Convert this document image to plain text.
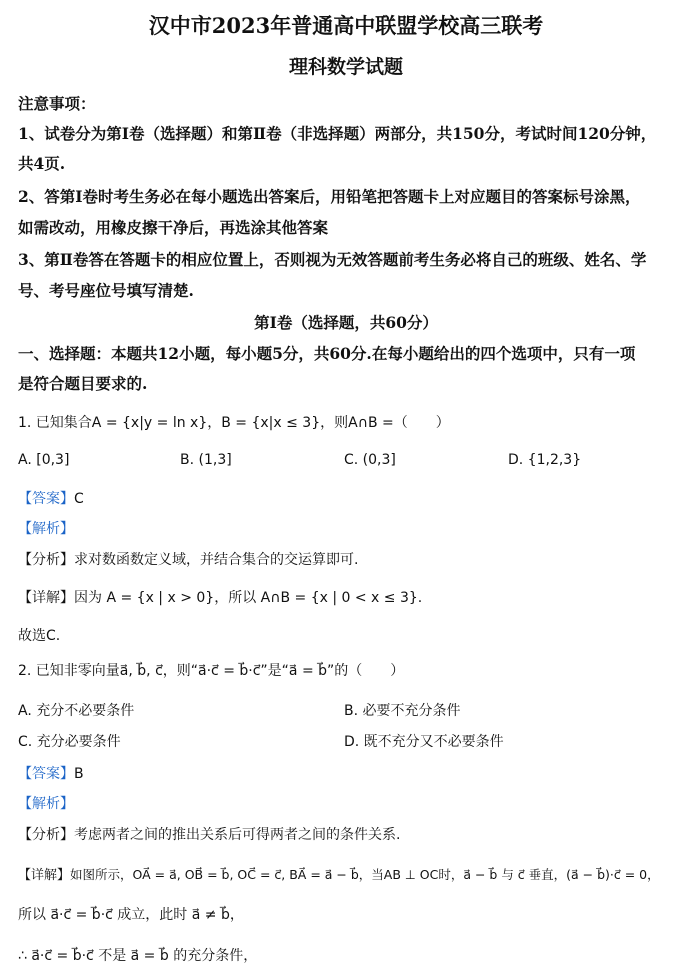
汉中市2023年普通高中联盟学校高三联考
理科数学试题
注意事项：
1、试卷分为第Ⅰ卷（选择题）和第Ⅱ卷（非选择题）两部分，共150分，考试时间120分钟，
共4页.
2、答第Ⅰ卷时考生务必在每小题选出答案后，用铅笔把答题卡上对应题目的答案标号涂黑，
如需改动，用橡皮擦干净后，再选涂其他答案
3、第Ⅱ卷答在答题卡的相应位置上，否则视为无效答题前考生务必将自己的班级、姓名、学
号、考号座位号填写清楚.
第Ⅰ卷（选择题，共60分）
一、选择题：本题共12小题，每小题5分，共60分.在每小题给出的四个选项中，只有一项
是符合题目要求的.
1. 已知集合A = {x|y = ln x}，B = {x|x ≤ 3}，则A∩B =（　　）
A. [0,3]	B. (1,3]	C. (0,3]	D. {1,2,3}
【答案】C
【解析】
【分析】求对数函数定义域，并结合集合的交运算即可.
【详解】因为 A = {x | x > 0}，所以 A∩B = {x | 0 < x ≤ 3}.
故选C.
2. 已知非零向量a⃗, b⃗, c⃗，则“a⃗·c⃗ = b⃗·c⃗”是“a⃗ = b⃗”的（　　）
A. 充分不必要条件	B. 必要不充分条件
C. 充分必要条件	D. 既不充分又不必要条件
【答案】B
【解析】
【分析】考虑两者之间的推出关系后可得两者之间的条件关系.
【详解】如图所示，OA⃗ = a⃗, OB⃗ = b⃗, OC⃗ = c⃗, BA⃗ = a⃗ − b⃗，当AB ⊥ OC时，a⃗ − b⃗ 与 c⃗ 垂直，(a⃗ − b⃗)·c⃗ = 0，
所以 a⃗·c⃗ = b⃗·c⃗ 成立，此时 a⃗ ≠ b⃗，
∴ a⃗·c⃗ = b⃗·c⃗ 不是 a⃗ = b⃗ 的充分条件，
